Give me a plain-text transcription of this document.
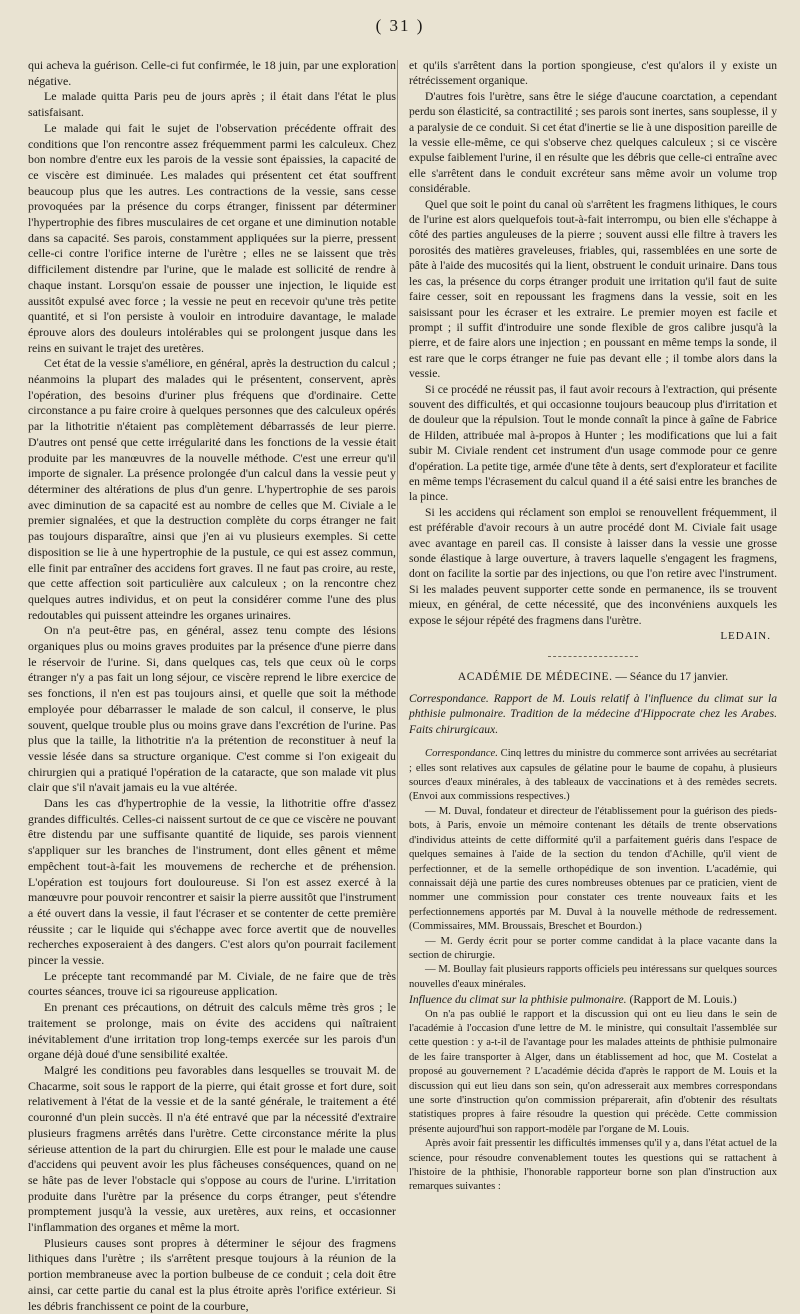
( 31 )

qui acheva la guérison. Celle-ci fut confirmée, le 18 juin, par une exploration négative.

Le malade quitta Paris peu de jours après ; il était dans l'état le plus satisfaisant.

Le malade qui fait le sujet de l'observation précédente offrait des conditions que l'on rencontre assez fréquemment parmi les calculeux. Chez bon nombre d'entre eux les parois de la vessie sont épaissies, la capacité de ce viscère est diminuée. Les malades qui présentent cet état souffrent beaucoup plus que les autres. Les contractions de la vessie, sans cesse provoquées par la présence du corps étranger, finissent par déterminer l'hypertrophie des fibres musculaires de cet organe et une diminution notable dans sa capacité. Ses parois, constamment appliquées sur la pierre, pressent celle-ci contre l'orifice interne de l'urètre ; elles ne se laissent que très difficilement distendre par l'urine, que le malade est sollicité de rendre à chaque instant. Lorsqu'on essaie de pousser une injection, le liquide est aussitôt expulsé avec force ; la vessie ne peut en recevoir qu'une très petite quantité, et si l'on persiste à vouloir en introduire davantage, le malade éprouve alors des douleurs intolérables qui se prolongent jusque dans les reins en suivant le trajet des uretères.

Cet état de la vessie s'améliore, en général, après la destruction du calcul ; néanmoins la plupart des malades qui le présentent, conservent, après l'opération, des besoins d'uriner plus fréquens que d'ordinaire. Cette circonstance a pu faire croire à quelques personnes que des calculeux opérés par la lithotritie n'étaient pas complètement débarrassés de leur pierre. D'autres ont pensé que cette irrégularité dans les fonctions de la vessie était produite par les manœuvres de la nouvelle méthode. C'est une erreur qu'il importe de signaler. La présence prolongée d'un calcul dans la vessie peut y déterminer des altérations de plus d'un genre. L'hypertrophie de ses parois avec diminution de sa capacité est au nombre de celles que M. Civiale a le premier signalées, et que la destruction complète du corps étranger ne fait pas toujours disparaître, ainsi que j'en ai vu plusieurs exemples. Si cette disposition se lie à une hypertrophie de la pustule, ce qui est assez commun, elle finit par entraîner des accidens fort graves. Il ne faut pas croire, au reste, que cette affection soit particulière aux calculeux ; on la rencontre chez quelques autres individus, et on peut la considérer comme l'une des plus redoutables qui puissent atteindre les organes urinaires.

On n'a peut-être pas, en général, assez tenu compte des lésions organiques plus ou moins graves produites par la présence d'une pierre dans le réservoir de l'urine. Si, dans quelques cas, tels que ceux où le corps étranger n'y a pas fait un long séjour, ce viscère reprend le libre exercice de ses fonctions, il n'en est pas toujours ainsi, et quelle que soit la méthode employée pour débarrasser le malade de son calcul, il conserve, le plus souvent, quelque trouble plus ou moins grave dans l'excrétion de l'urine. Pas plus que la taille, la lithotritie n'a la prétention de reconstituer à neuf la vessie lésée dans sa structure organique. C'est comme si l'on exigeait du chirurgien qui a pratiqué l'opération de la cataracte, que son malade vit plus clair que s'il n'avait jamais eu la vue altérée.

Dans les cas d'hypertrophie de la vessie, la lithotritie offre d'assez grandes difficultés. Celles-ci naissent surtout de ce que ce viscère ne pouvant être distendu par une suffisante quantité de liquide, ses parois viennent s'appliquer sur les branches de l'instrument, dont elles gênent et même empêchent tout-à-fait les mouvemens de recherche et de préhension. L'opération est toujours fort douloureuse. Si l'on est assez exercé à la manœuvre pour pouvoir rencontrer et saisir la pierre aussitôt que l'instrument a été ouvert dans la vessie, il faut l'écraser et se contenter de cette première réussite ; car le liquide qui s'échappe avec force avertit que de nouvelles recherches exposeraient à des dangers. C'est alors qu'on pourrait facilement pincer la vessie.

Le précepte tant recommandé par M. Civiale, de ne faire que de très courtes séances, trouve ici sa rigoureuse application.

En prenant ces précautions, on détruit des calculs même très gros ; le traitement se prolonge, mais on évite des accidens qui naîtraient inévitablement d'une irritation trop long-temps exercée sur les parois d'un organe déjà doué d'une sensibilité exaltée.

Malgré les conditions peu favorables dans lesquelles se trouvait M. de Chacarme, soit sous le rapport de la pierre, qui était grosse et fort dure, soit relativement à l'état de la vessie et de la santé générale, le traitement a été couronné d'un plein succès. Il n'a été entravé que par la nécessité d'extraire plusieurs fragmens arrêtés dans l'urètre. Cette circonstance mérite la plus sérieuse attention de la part du chirurgien. Elle est pour le malade une cause d'accidens qui peuvent avoir les plus fâcheuses conséquences, quand on ne se hâte pas de lever l'obstacle qui s'oppose au cours de l'urine. L'irritation produite dans l'urètre par la présence du corps étranger, peut s'étendre promptement jusqu'à la vessie, aux uretères, aux reins, et occasionner l'inflammation des organes et même la mort.

Plusieurs causes sont propres à déterminer le séjour des fragmens lithiques dans l'urètre ; ils s'arrêtent presque toujours à la réunion de la portion membraneuse avec la portion bulbeuse de ce conduit ; cela doit être ainsi, car cette partie du canal est la plus étroite après l'orifice extérieur. Si les débris franchissent ce point de la courbure,

et qu'ils s'arrêtent dans la portion spongieuse, c'est qu'alors il y existe un rétrécissement organique.

D'autres fois l'urètre, sans être le siége d'aucune coarctation, a cependant perdu son élasticité, sa contractilité ; ses parois sont inertes, sans souplesse, il y a paralysie de ce conduit. Si cet état d'inertie se lie à une disposition pareille de la vessie elle-même, ce qui s'observe chez quelques calculeux ; si ce viscère expulse faiblement l'urine, il en résulte que les débris que celle-ci entraîne avec elle s'arrêtent dans le conduit excréteur sans même avoir un volume trop considérable.

Quel que soit le point du canal où s'arrêtent les fragmens lithiques, le cours de l'urine est alors quelquefois tout-à-fait interrompu, ou bien elle s'échappe à côté des parties anguleuses de la pierre ; souvent aussi elle filtre à travers les porosités des matières graveleuses, friables, qui, rassemblées en une sorte de pâte à l'aide des mucosités qui la lient, obstruent le conduit urinaire. Dans tous les cas, la présence du corps étranger produit une irritation qu'il faut de suite faire cesser, soit en repoussant les fragmens dans la vessie, soit en les saisissant pour les écraser et les extraire. Le premier moyen est facile et prompt ; il suffit d'introduire une sonde flexible de gros calibre jusqu'à la pierre, et de faire alors une injection ; en poussant en même temps la sonde, il est rare que le corps étranger ne fuie pas devant elle ; il tombe alors dans la vessie.

Si ce procédé ne réussit pas, il faut avoir recours à l'extraction, qui présente souvent des difficultés, et qui occasionne toujours beaucoup plus d'irritation et de douleur que la répulsion. Tout le monde connaît la pince à gaîne de Fabrice de Hilden, attribuée mal à-propos à Hunter ; les modifications que lui a fait subir M. Civiale rendent cet instrument d'un usage commode pour ce genre d'opération. La petite tige, armée d'une tête à dents, sert d'explorateur et facilite en même temps l'écrasement du calcul quand il a été saisi entre les branches de la pince.

Si les accidens qui réclament son emploi se renouvellent fréquemment, il est préférable d'avoir recours à un autre procédé dont M. Civiale fait usage avec avantage en pareil cas. Il consiste à laisser dans la vessie une grosse sonde élastique à large ouverture, à travers laquelle s'engagent les fragmens, dont on facilite la sortie par des injections, ou que l'on retire avec l'instrument. Si les malades peuvent supporter cette sonde en permanence, ils se trouvent mieux, en général, de cette nécessité, que des inconvéniens auxquels les expose le séjour répété des fragmens dans l'urètre.

LEDAIN.
ACADÉMIE DE MÉDECINE. — Séance du 17 janvier.
Correspondance. Rapport de M. Louis relatif à l'influence du climat sur la phthisie pulmonaire. Tradition de la médecine d'Hippocrate chez les Arabes. Faits chirurgicaux.

Correspondance. Cinq lettres du ministre du commerce sont arrivées au secrétariat ; elles sont relatives aux capsules de gélatine pour le baume de copahu, à plusieurs sources d'eaux minérales, à des tableaux de vaccinations et à des remèdes secrets. (Envoi aux commissions respectives.)

— M. Duval, fondateur et directeur de l'établissement pour la guérison des pieds-bots, à Paris, envoie un mémoire contenant les détails de trente observations d'individus atteints de cette difformité qu'il a parfaitement guéris dans l'espace de quelques semaines à l'aide de la section du tendon d'Achille, qu'il vient de perfectionner, et de la semelle orthopédique de son invention. L'académie, qui connaissait déjà une partie des cures nombreuses obtenues par ce praticien, vient de nommer une commission pour constater ces trente nouveaux faits et les perfectionnemens apportés par M. Duval à la nouvelle méthode de redressement. (Commissaires, MM. Broussais, Breschet et Bourdon.)

— M. Gerdy écrit pour se porter comme candidat à la place vacante dans la section de chirurgie.

— M. Boullay fait plusieurs rapports officiels peu intéressans sur quelques sources nouvelles d'eaux minérales.

Influence du climat sur la phthisie pulmonaire. (Rapport de M. Louis.)

On n'a pas oublié le rapport et la discussion qui ont eu lieu dans le sein de l'académie à l'occasion d'une lettre de M. le ministre, qui consultait l'assemblée sur cette question : y a-t-il de l'avantage pour les malades atteints de phthisie pulmonaire de les faire transporter à Alger, dans un établissement ad hoc, que M. Costelat a proposé au gouvernement ? L'académie décida d'après le rapport de M. Louis et la discussion qui eut lieu dans son sein, qu'on adresserait aux membres correspondans une sorte d'instruction qu'on commission préparerait, afin d'obtenir des résultats statistiques propres à faire résoudre la question qui précède. Cette commission présente aujourd'hui son rapport-modèle par l'organe de M. Louis.

Après avoir fait pressentir les difficultés immenses qu'il y a, dans l'état actuel de la science, pour résoudre convenablement toutes les questions qui se rattachent à l'histoire de la phthisie, l'honorable rapporteur borne son plan d'instruction aux remarques suivantes :
